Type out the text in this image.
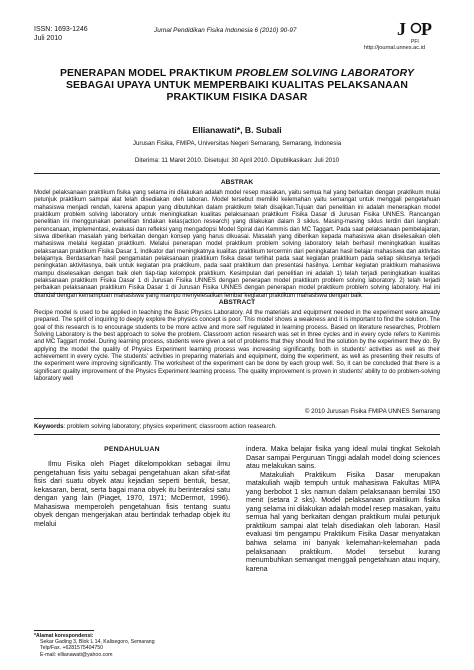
ISSN: 1693-1246
Juli 2010
Jurnal Pendidikan Fisika Indonesia 6 (2010) 90-97	J P
PFI
http://journal.unnes.ac.id
PENERAPAN MODEL PRAKTIKUM PROBLEM SOLVING LABORATORY
SEBAGAI UPAYA UNTUK MEMPERBAIKI KUALITAS PELAKSANAAN
PRAKTIKUM FISIKA DASAR
Ellianawati*, B. Subali
Jurusan Fisika, FMIPA, Universitas Negeri Semarang, Semarang, Indonesia
Diterima: 11 Maret 2010. Disetujui: 30 April 2010. Dipublikasikan: Juli 2010
ABSTRAK
Model pelaksanaan praktikum fisika yang selama ini dilakukan adalah model resep masakan, yaitu semua hal yang berkaitan dengan praktikum mulai petunjuk praktikum sampai alat telah disediakan oleh laboran. Model tersebut memiliki kelemahan yaitu semangat untuk menggali pengetahuan mahasiswa menjadi rendah, karena apapun yang dibutuhkan dalam praktikum telah disajikan.Tujuan dari penelitian ini adalah menerapkan model praktikum problem solving laboratory untuk meningkatkan kualitas pelaksanaan praktikum Fisika Dasar di Jurusan Fisika UNNES. Rancangan penelitian ini menggunakan penelitian tindakan kelas(action research) yang dilakukan dalam 3 siklus. Masing-masing siklus terdiri dari langkah: perencanaan, implementasi, evaluasi dan refleksi yang mengadopsi Model Spiral dari Kemmis dan MC Taggart. Pada saat pelaksanaan pembelajaran, siswa diberikan masalah yang berkaitan dengan konsep yang harus dikuasai. Masalah yang diberikan kepada mahasiswa akan diselesaikan oleh mahasiswa melalui kegiatan praktikum. Melalui penerapan model praktikum problem solving laboratory telah berhasil meningkatkan kualitas pelaksanaan praktikum Fisika Dasar 1. Indikator dari meningkatnya kualitas praktikum tercermin dari peningkatan hasil belajar mahasiswa dan aktivitas belajarnya. Berdasarkan hasil pengamatan pelaksanaan praktikum fisika dasar terlihat pada saat kegiatan praktikum pada setiap siklusnya terjadi peningkatan aktivitasnya, baik untuk kegiatan pra praktikum, pada saat praktikum dan presentasi hasilnya. Lembar kegiatan praktikum mahasiswa mampu diselesaikan dengan baik oleh tiap-tiap kelompok praktikum. Kesimpulan dari penelitian ini adalah 1) telah terjadi peningkatkan kualitas pelaksanaan praktikum Fisika Dasar 1 di Jurusan Fisika UNNES dengan penerapan model praktikum problem solving laboratory. 2) telah terjadi perbaikan pelaksanaan praktikum Fisika Dasar 1 di Jurusan Fisika UNNES dengan penerapan model praktikum problem solving laboratory. Hal ini ditandai dengan kemampuan mahasiswa yang mampu menyelesaikan lembar kegiatan praktikum mahasiswa dengan baik
ABSTRACT
Recipe model is used to be applied in teaching the Basic Physics Laboratory. All the materials and equipment needed in the experiment were already prepared. The spirit of inquiring to deeply explore the physics concept is poor. This model shows a weakness and it is important to find the solution. The goal of this research is to encourage students to be more active and more self regulated in learning process. Based on literature researches, Problem Solving Laboratory is the best approach to solve the problem. Classroom action research was set in three cycles and in every cycle refers to Kemmis and MC Taggart model. During learning process, students were given a set of problems that they should find the solution by the experiment they do. By applying the model the quality of Physics Experiment learning process was increasing significantly, both in students' activities as well as their achievement in every cycle. The students' activities in preparing materials and equipment, doing the experiment, as well as presenting their results of the experiment were improving significantly. The worksheet of the experiment can be done by each group well. So, it can be concluded that there is a significant quality improvement of the Physics Experiment learning process. The quality improvement is proven in students' ability to do problem-solving laboratory well
© 2010 Jurusan Fisika FMIPA UNNES Semarang
Keywords: problem solving laboratory; physics experiment; classroom action reasearch.
PENDAHULUAN

Ilmu Fisika oleh Piaget dikelompokkan sebagai ilmu pengetahuan fisis yaitu sebagai pengetahuan akan sifat-sifat fisis dari suatu obyek atau kejadian seperti bentuk, besar, kekasaran, berat, serta bagai mana obyek itu berinteraksi satu dengan yang lain (Piaget, 1970, 1971; McDermot, 1996). Mahasiswa memperoleh pengetahuan fisis tentang suatu obyek dengan mengerjakan atau bertindak terhadap objek itu melalui

indera. Maka belajar fisika yang ideal mulai tingkat Sekolah Dasar sampai Perguruan Tinggi adalah model doing sciences atau melakukan sains.

Matakuliah Praktikum Fisika Dasar merupakan matakuliah wajib tempuh untuk mahasiswa Fakultas MIPA yang berbobot 1 sks namun dalam pelaksanaan bernilai 150 menit (setara 2 sks). Model pelaksanaan praktikum fisika yang selama ini dilakukan adalah model resep masakan, yaitu semua hal yang berkaitan dengan praktikum mulai petunjuk praktikum sampai alat telah disediakan oleh laboran. Hasil evaluasi tim pengampu Praktikum Fisika Dasar menyatakan bahwa selama ini banyak kelemahan-kelemahan pada pelaksanaan praktikum. Model tersebut kurang menumbuhkan semangat menggali pengetahuan atau inquiry, karena

*Alamat korespondensi:
Sekar Gading 3, Blok L 14, Kalisegoro, Semarang
Telp/Fax. +6281575404750
E-mail: ellianawati@yahoo.com
